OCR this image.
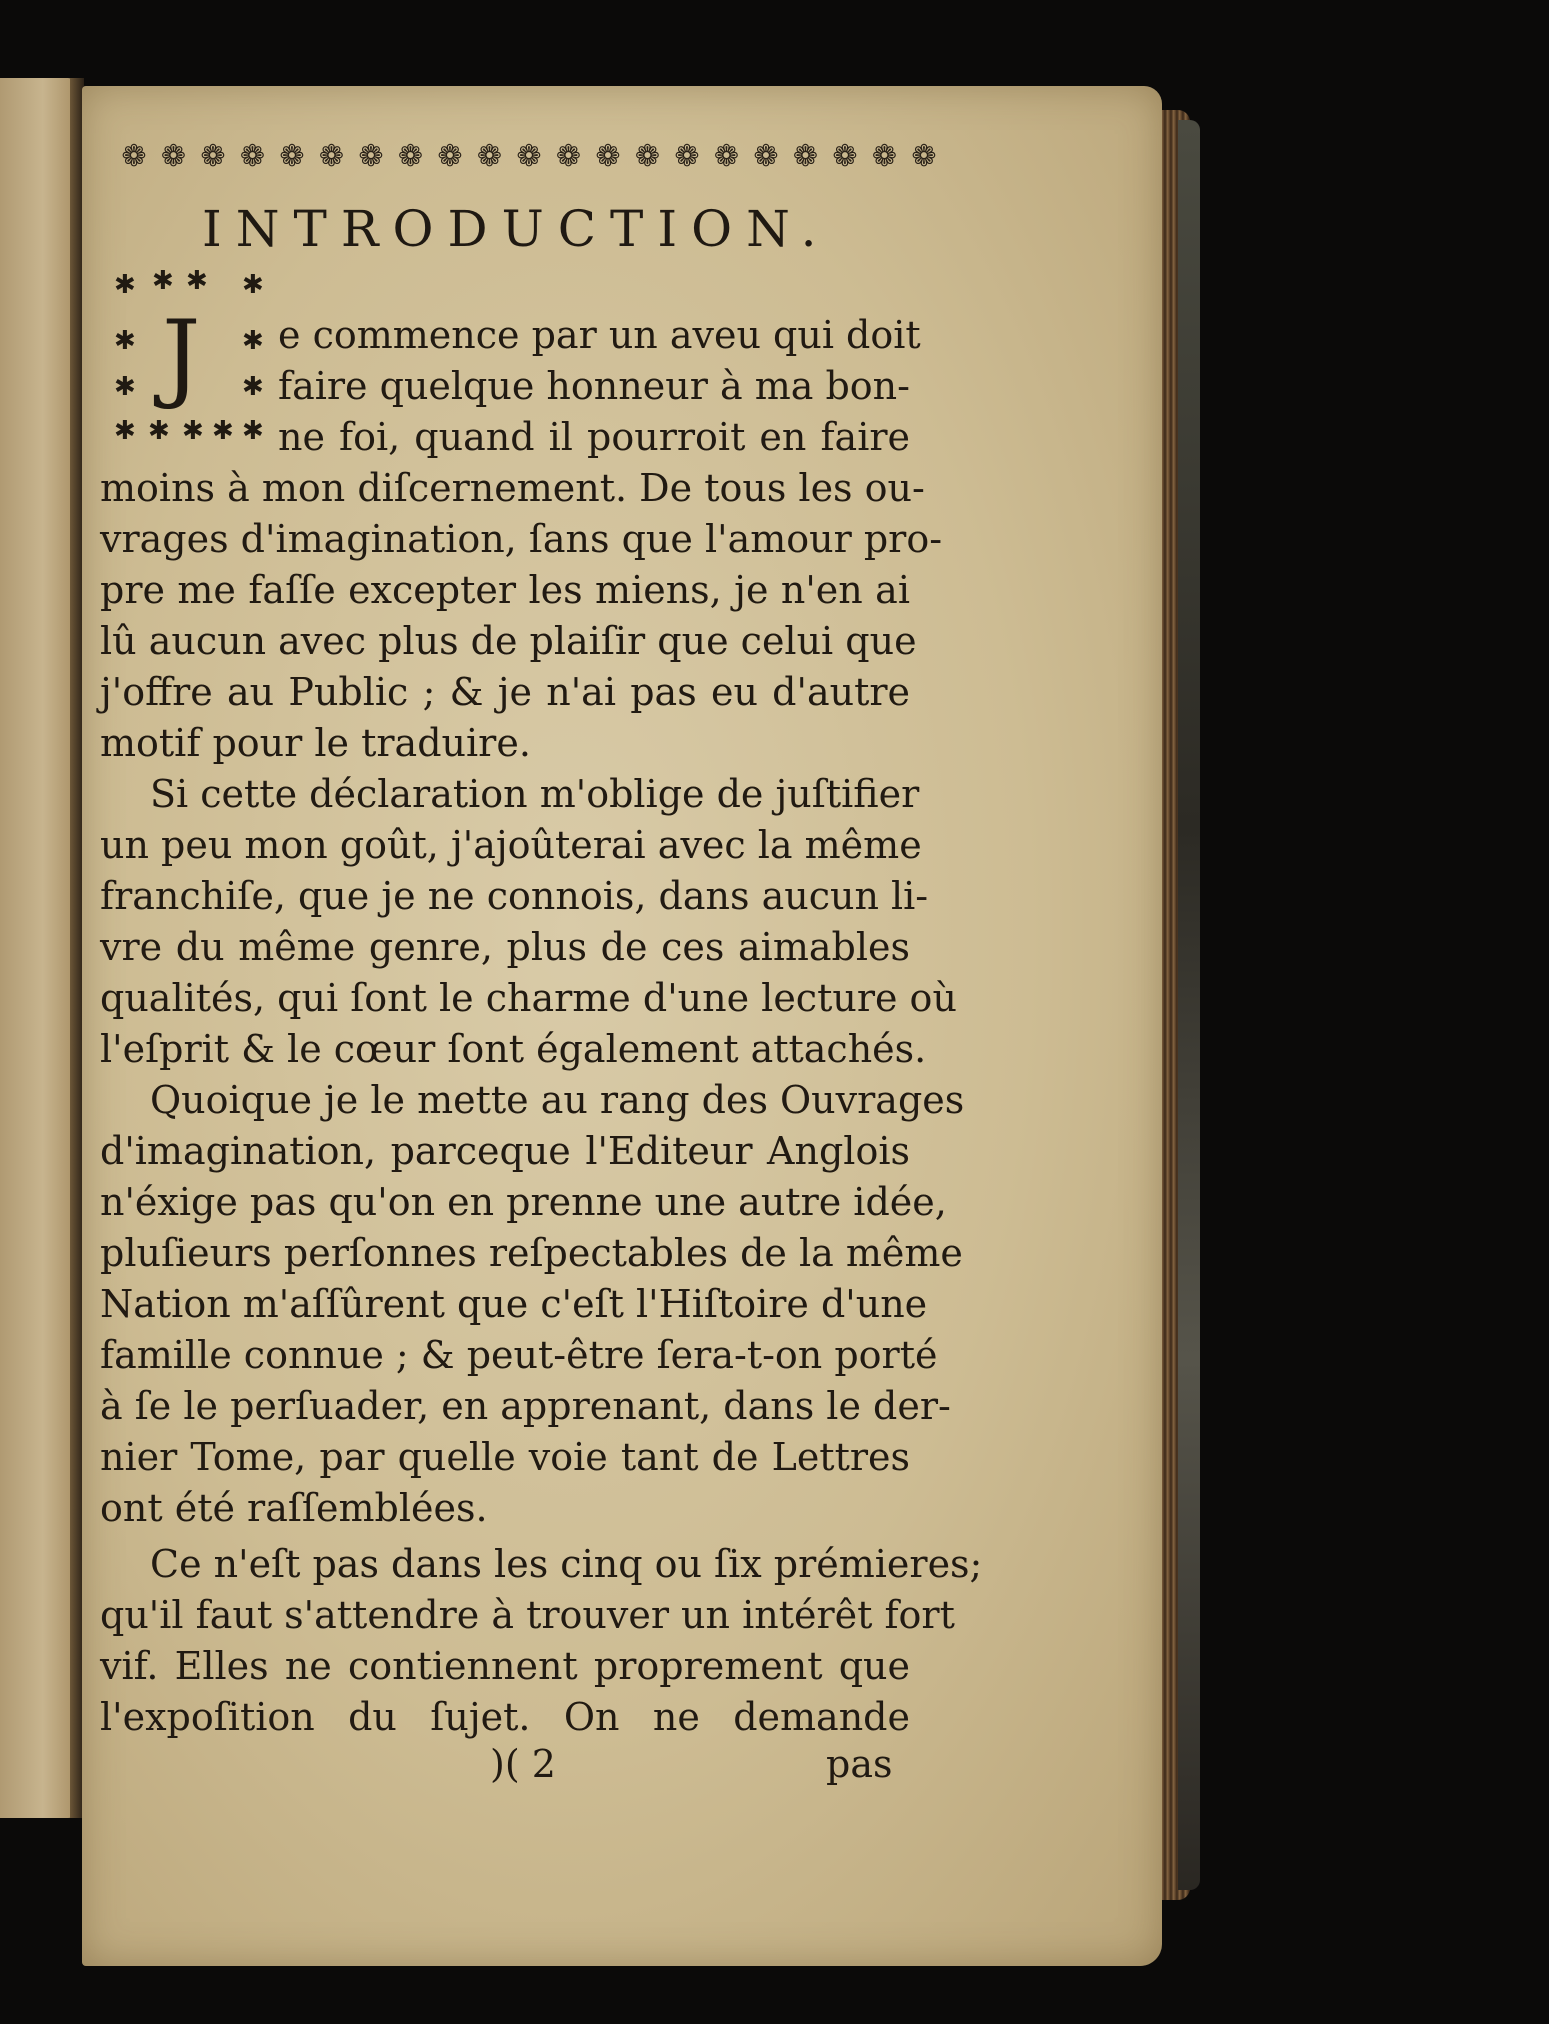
❁ ❁ ❁ ❁ ❁ ❁ ❁ ❁ ❁ ❁ ❁ ❁ ❁ ❁ ❁ ❁ ❁ ❁ ❁ ❁ ❁
INTRODUCTION.
✱ ✱ ✱ ✱
✱	✱
✱	✱
✱ ✱ ✱ ✱ ✱
J e commence par un aveu qui doit
faire quelque honneur à ma bon-
ne foi, quand il pourroit en faire
moins à mon diſcernement. De tous les ou-
vrages d'imagination, ſans que l'amour pro-
pre me faſſe excepter les miens, je n'en ai
lû aucun avec plus de plaiſir que celui que
j'offre au Public ; & je n'ai pas eu d'autre
motif pour le traduire.
Si cette déclaration m'oblige de juſtifier
un peu mon goût, j'ajoûterai avec la même
franchiſe, que je ne connois, dans aucun li-
vre du même genre, plus de ces aimables
qualités, qui ſont le charme d'une lecture où
l'eſprit & le cœur ſont également attachés.
Quoique je le mette au rang des Ouvrages
d'imagination, parceque l'Editeur Anglois
n'éxige pas qu'on en prenne une autre idée,
pluſieurs perſonnes reſpectables de la même
Nation m'aſſûrent que c'eſt l'Hiſtoire d'une
famille connue ; & peut-être ſera-t-on porté
à ſe le perſuader, en apprenant, dans le der-
nier Tome, par quelle voie tant de Lettres
ont été raſſemblées.
Ce n'eſt pas dans les cinq ou ſix prémieres;
qu'il faut s'attendre à trouver un intérêt fort
vif. Elles ne contiennent proprement que
l'expoſition du ſujet. On ne demande
)( 2	pas
